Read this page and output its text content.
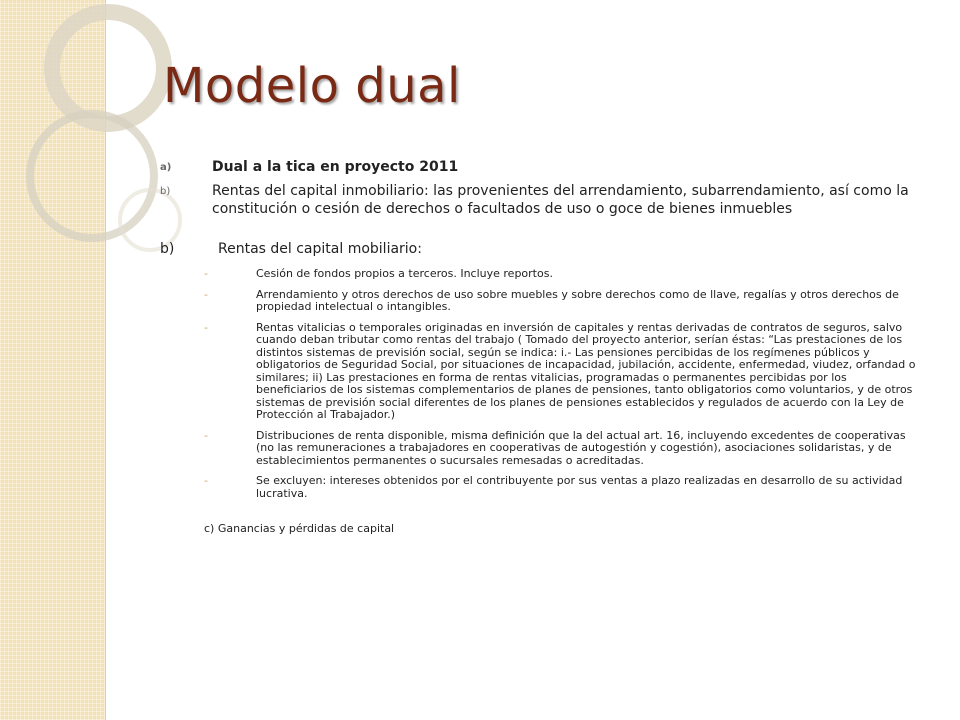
Modelo dual
a)	Dual a la tica en proyecto 2011
b)	Rentas del capital inmobiliario: las provenientes del arrendamiento, subarrendamiento, así como la constitución o cesión de derechos o facultados de uso o goce de bienes inmuebles
b)	Rentas del capital mobiliario:
-	Cesión de fondos propios a terceros. Incluye reportos.
-	Arrendamiento y otros derechos de uso sobre muebles y sobre derechos como de llave, regalías y otros derechos de propiedad intelectual o intangibles.
-	Rentas vitalicias o temporales originadas en inversión de capitales y rentas derivadas de contratos de seguros, salvo cuando deban tributar como rentas del trabajo ( Tomado del proyecto anterior, serían éstas: “Las prestaciones de los distintos sistemas de previsión social, según se indica: i.- Las pensiones percibidas de los regímenes públicos y obligatorios de Seguridad Social, por situaciones de incapacidad, jubilación, accidente, enfermedad, viudez, orfandad o similares; ii) Las prestaciones en forma de rentas vitalicias, programadas o permanentes percibidas por los beneficiarios de los sistemas complementarios de planes de pensiones, tanto obligatorios como voluntarios, y de otros sistemas de previsión social diferentes de los planes de pensiones establecidos y regulados de acuerdo con la Ley de Protección al Trabajador.)
-	Distribuciones de renta disponible, misma definición que la del actual art. 16, incluyendo excedentes de cooperativas (no las remuneraciones a trabajadores en cooperativas de autogestión y cogestión), asociaciones solidaristas, y de establecimientos permanentes o sucursales remesadas o acreditadas.
-	Se excluyen: intereses obtenidos por el contribuyente por sus ventas a plazo realizadas en desarrollo de su actividad lucrativa.
c) Ganancias y pérdidas de capital
